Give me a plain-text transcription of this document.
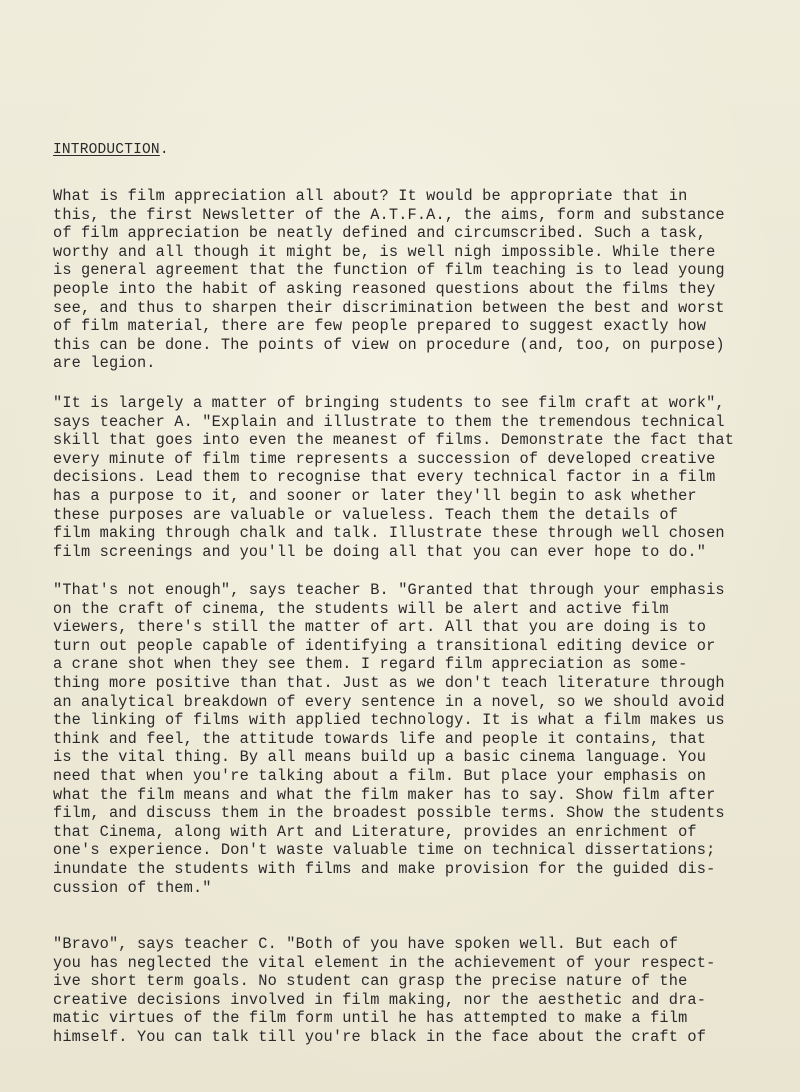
INTRODUCTION.
What is film appreciation all about? It would be appropriate that in
this, the first Newsletter of the A.T.F.A., the aims, form and substance
of film appreciation be neatly defined and circumscribed. Such a task,
worthy and all though it might be, is well nigh impossible. While there
is general agreement that the function of film teaching is to lead young
people into the habit of asking reasoned questions about the films they
see, and thus to sharpen their discrimination between the best and worst
of film material, there are few people prepared to suggest exactly how
this can be done. The points of view on procedure (and, too, on purpose)
are legion.
"It is largely a matter of bringing students to see film craft at work",
says teacher A. "Explain and illustrate to them the tremendous technical
skill that goes into even the meanest of films. Demonstrate the fact that
every minute of film time represents a succession of developed creative
decisions. Lead them to recognise that every technical factor in a film
has a purpose to it, and sooner or later they'll begin to ask whether
these purposes are valuable or valueless. Teach them the details of
film making through chalk and talk. Illustrate these through well chosen
film screenings and you'll be doing all that you can ever hope to do."
"That's not enough", says teacher B. "Granted that through your emphasis
on the craft of cinema, the students will be alert and active film
viewers, there's still the matter of art. All that you are doing is to
turn out people capable of identifying a transitional editing device or
a crane shot when they see them. I regard film appreciation as some-
thing more positive than that. Just as we don't teach literature through
an analytical breakdown of every sentence in a novel, so we should avoid
the linking of films with applied technology. It is what a film makes us
think and feel, the attitude towards life and people it contains, that
is the vital thing. By all means build up a basic cinema language. You
need that when you're talking about a film. But place your emphasis on
what the film means and what the film maker has to say. Show film after
film, and discuss them in the broadest possible terms. Show the students
that Cinema, along with Art and Literature, provides an enrichment of
one's experience. Don't waste valuable time on technical dissertations;
inundate the students with films and make provision for the guided dis-
cussion of them."
"Bravo", says teacher C. "Both of you have spoken well. But each of
you has neglected the vital element in the achievement of your respect-
ive short term goals. No student can grasp the precise nature of the
creative decisions involved in film making, nor the aesthetic and dra-
matic virtues of the film form until he has attempted to make a film
himself. You can talk till you're black in the face about the craft of
